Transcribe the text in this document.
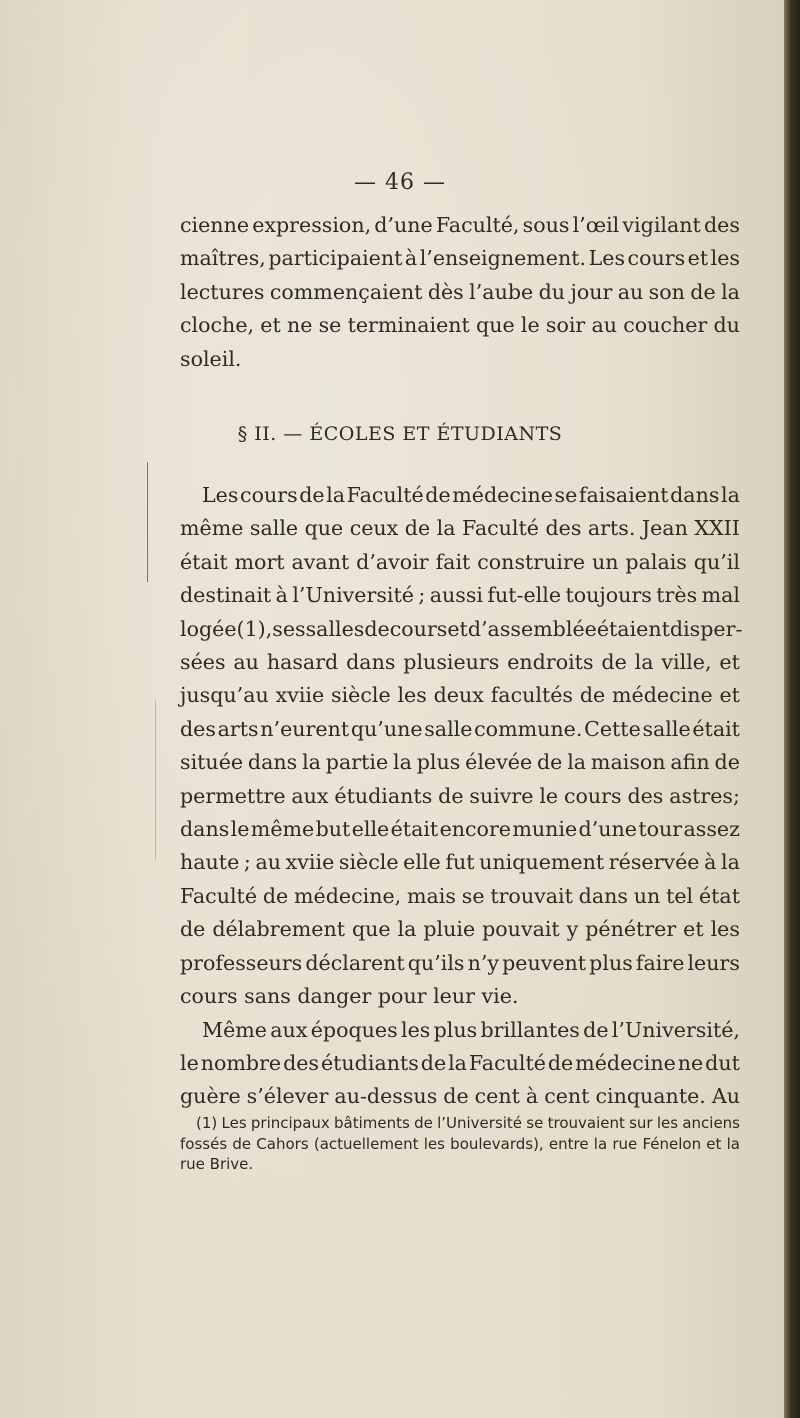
— 46 —
cienne expression, d’une Faculté, sous l’œil vigilant des
maîtres, participaient à l’enseignement. Les cours et les
lectures commençaient dès l’aube du jour au son de la
cloche, et ne se terminaient que le soir au coucher du
soleil.
§ II. — ÉCOLES ET ÉTUDIANTS
Les cours de la Faculté de médecine se faisaient dans la
même salle que ceux de la Faculté des arts. Jean XXII
était mort avant d’avoir fait construire un palais qu’il
destinait à l’Université ; aussi fut-elle toujours très mal
logée (1), ses salles de cours et d’assemblée étaient disper-
sées au hasard dans plusieurs endroits de la ville, et
jusqu’au xviie siècle les deux facultés de médecine et
des arts n’eurent qu’une salle commune. Cette salle était
située dans la partie la plus élevée de la maison afin de
permettre aux étudiants de suivre le cours des astres;
dans le même but elle était encore munie d’une tour assez
haute ; au xviie siècle elle fut uniquement réservée à la
Faculté de médecine, mais se trouvait dans un tel état
de délabrement que la pluie pouvait y pénétrer et les
professeurs déclarent qu’ils n’y peuvent plus faire leurs
cours sans danger pour leur vie.
Même aux époques les plus brillantes de l’Université,
le nombre des étudiants de la Faculté de médecine ne dut
guère s’élever au-dessus de cent à cent cinquante. Au
(1) Les principaux bâtiments de l’Université se trouvaient sur les anciens
fossés de Cahors (actuellement les boulevards), entre la rue Fénelon et la
rue Brive.
